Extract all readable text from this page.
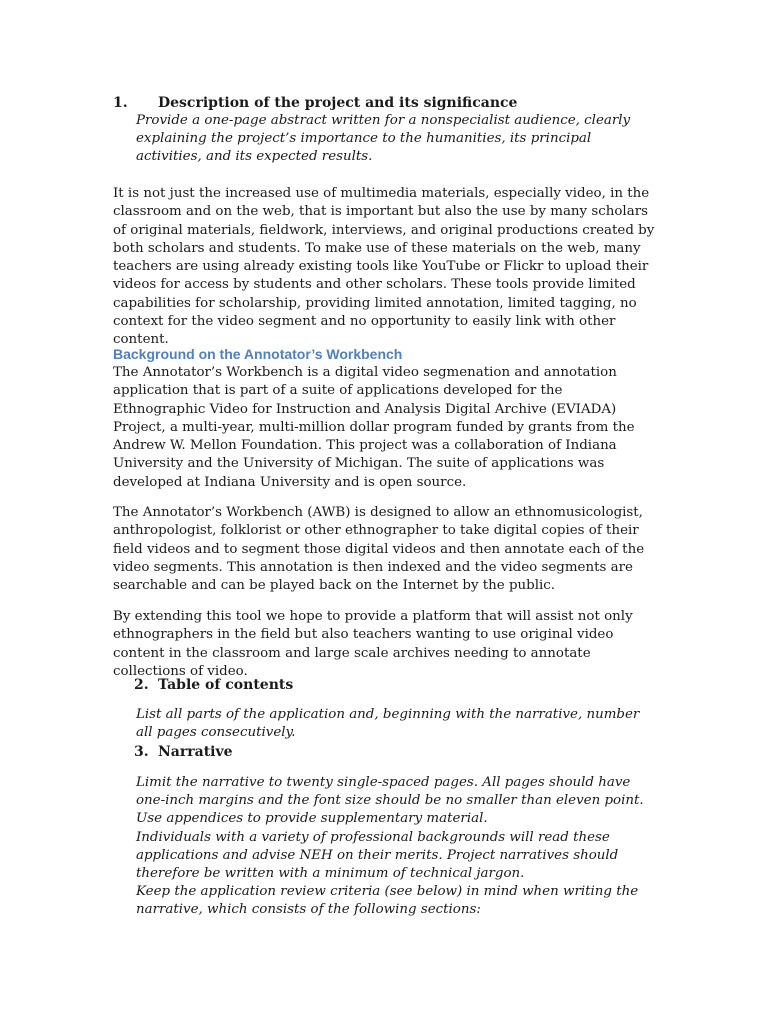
1. Description of the project and its significance

Provide a one-page abstract written for a nonspecialist audience, clearly explaining the project’s importance to the humanities, its principal activities, and its expected results.

It is not just the increased use of multimedia materials, especially video, in the classroom and on the web, that is important but also the use by many scholars of original materials, fieldwork, interviews, and original productions created by both scholars and students. To make use of these materials on the web, many teachers are using already existing tools like YouTube or Flickr to upload their videos for access by students and other scholars. These tools provide limited capabilities for scholarship, providing limited annotation, limited tagging, no context for the video segment and no opportunity to easily link with other content.

Background on the Annotator’s Workbench

The Annotator’s Workbench is a digital video segmenation and annotation application that is part of a suite of applications developed for the Ethnographic Video for Instruction and Analysis Digital Archive (EVIADA) Project, a multi-year, multi-million dollar program funded by grants from the Andrew W. Mellon Foundation. This project was a collaboration of Indiana University and the University of Michigan. The suite of applications was developed at Indiana University and is open source.

The Annotator’s Workbench (AWB) is designed to allow an ethnomusicologist, anthropologist, folklorist or other ethnographer to take digital copies of their field videos and to segment those digital videos and then annotate each of the video segments. This annotation is then indexed and the video segments are searchable and can be played back on the Internet by the public.

By extending this tool we hope to provide a platform that will assist not only ethnographers in the field but also teachers wanting to use original video content in the classroom and large scale archives needing to annotate collections of video.

2. Table of contents

List all parts of the application and, beginning with the narrative, number all pages consecutively.

3. Narrative

Limit the narrative to twenty single-spaced pages. All pages should have one-inch margins and the font size should be no smaller than eleven point. Use appendices to provide supplementary material.

Individuals with a variety of professional backgrounds will read these applications and advise NEH on their merits. Project narratives should therefore be written with a minimum of technical jargon.

Keep the application review criteria (see below) in mind when writing the narrative, which consists of the following sections:
